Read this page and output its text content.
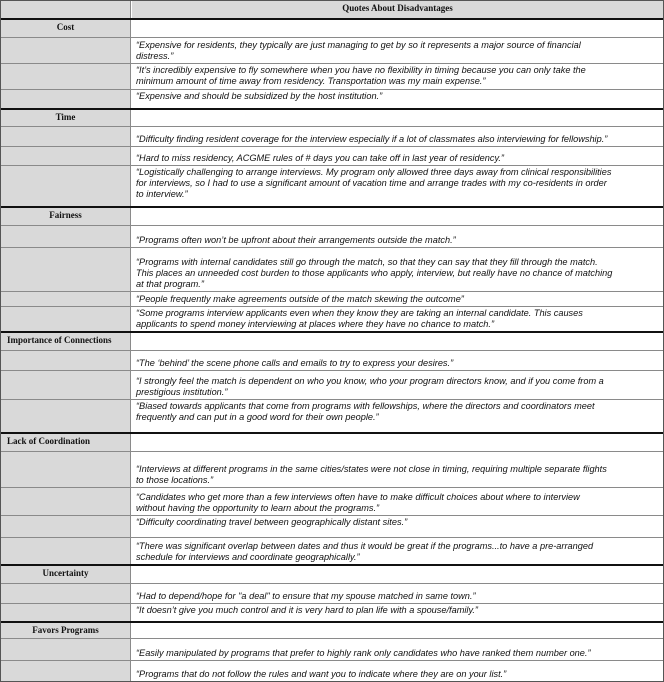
Quotes About Disadvantages
Cost
“Expensive for residents, they typically are just managing to get by so it represents a major source of financial
distress.”
“It’s incredibly expensive to fly somewhere when you have no flexibility in timing because you can only take the
minimum amount of time away from residency. Transportation was my main expense.”
“Expensive and should be subsidized by the host institution.”
Time
“Difficulty finding resident coverage for the interview especially if a lot of classmates also interviewing for fellowship.”
“Hard to miss residency, ACGME rules of # days you can take off in last year of residency.”
“Logistically challenging to arrange interviews. My program only allowed three days away from clinical responsibilities
for interviews, so I had to use a significant amount of vacation time and arrange trades with my co-residents in order
to interview.”
Fairness
“Programs often won’t be upfront about their arrangements outside the match.”
“Programs with internal candidates still go through the match, so that they can say that they fill through the match.
This places an unneeded cost burden to those applicants who apply, interview, but really have no chance of matching
at that program.”
“People frequently make agreements outside of the match skewing the outcome”
“Some programs interview applicants even when they know they are taking an internal candidate. This causes
applicants to spend money interviewing at places where they have no chance to match.”
Importance of Connections
“The ‘behind’ the scene phone calls and emails to try to express your desires.”
“I strongly feel the match is dependent on who you know, who your program directors know, and if you come from a
prestigious institution.”
“Biased towards applicants that come from programs with fellowships, where the directors and coordinators meet
frequently and can put in a good word for their own people.”
Lack of Coordination
“Interviews at different programs in the same cities/states were not close in timing, requiring multiple separate flights
to those locations.”
“Candidates who get more than a few interviews often have to make difficult choices about where to interview
without having the opportunity to learn about the programs.”
“Difficulty coordinating travel between geographically distant sites.”
“There was significant overlap between dates and thus it would be great if the programs...to have a pre-arranged
schedule for interviews and coordinate geographically.”
Uncertainty
“Had to depend/hope for "a deal" to ensure that my spouse matched in same town.”
“It doesn’t give you much control and it is very hard to plan life with a spouse/family.”
Favors Programs
“Easily manipulated by programs that prefer to highly rank only candidates who have ranked them number one.”
“Programs that do not follow the rules and want you to indicate where they are on your list.”
